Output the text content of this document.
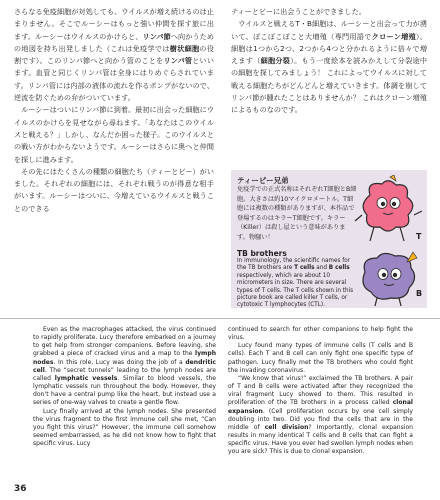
さらなる免疫細胞が対処しても、ウイルスが増え続けるのは止まりません。そこでルーシーはもっと強い仲間を探す旅に出ます。ルーシーはウイルスのかけらと、リンパ節へ向かうための地図を持ち出発しました（これは免疫学では樹状細胞の役割です）。このリンパ節へと向かう管のことをリンパ管といいます。血管と同じくリンパ管は全身にはりめぐらされています。リンパ管には内部の液体の流れを作るポンプがないので、逆流を防ぐための弁がついています。
　ルーシーはついにリンパ節に到着。最初に出会った細胞にウイルスのかけらを見せながら尋ねます。「あなたはこのウイルスと戦える？」しかし、なんだか困った様子。このウイルスとの戦い方がわからないようです。ルーシーはさらに奥へと仲間を探しに進みます。
　その先にはたくさんの種類の細胞たち（ティーとビー）がいました。それぞれの細胞には、それぞれ戦うのが得意な相手がいます。ルーシーはついに、今増えているウイルスと戦うことのできる
ティーとビーに出会うことができました。
　ウイルスと戦えるT・B細胞は、ルーシーと出会って力が湧いて、ぽこぽこぽこと大増殖（専門用語でクローン増殖）。細胞は1つから2つ、2つから4つと分かれるように倍々で増えます（細胞分裂）。もう一度絵本を読みかえして分裂途中の細胞を探してみましょう！ これによってウイルスに対して戦える細胞たちがどんどんと増えていきます。体調を崩してリンパ節が腫れたことはありませんか？ これはクローン増殖によるものなのです。
ティービー兄弟
免疫学での正式名称はそれぞれT細胞とB細胞。大きさは約10マイクロメートル。T細胞には複数の種類がありますが、本作品で登場するのはキラーT細胞です。キラー（Killer）は殺し屋という意味があります。物騒い！
TB brothers
In immunology, the scientific names for the TB brothers are T cells and B cells respectively, which are about 10 micrometers in size. There are several types of T cells. The T cells shown in this picture book are called killer T cells, or cytotoxic T lymphocytes (CTL).
T
B

Even as the macrophages attacked, the virus continued to rapidly proliferate. Lucy therefore embarked on a journey to get help from stronger companions. Before leaving, she grabbed a piece of cracked virus and a map to the lymph nodes. In this role, Lucy was doing the job of a dendritic cell. The “secret tunnels” leading to the lymph nodes are called lymphatic vessels. Similar to blood vessels, the lymphatic vessels run throughout the body. However, they don’t have a central pump like the heart, but instead use a series of one-way valves to create a gentle flow.

Lucy finally arrived at the lymph nodes. She presented the virus fragment to the first immune cell she met, “Can you fight this virus?” However, the immune cell somehow seemed embarrassed, as he did not know how to fight that specific virus. Lucy

continued to search for other companions to help fight the virus.

Lucy found many types of immune cells (T cells and B cells). Each T and B cell can only fight one specific type of pathogen. Lucy finally met the TB brothers who could fight the invading coronavirus.

“We know that virus!” exclaimed the TB brothers. A pair of T and B cells were activated after they recognized the viral fragment Lucy showed to them. This resulted in proliferation of the TB brothers in a process called clonal expansion. (Cell proliferation occurs by one cell simply doubling into two. Did you find the cells that are in the middle of cell division? Importantly, clonal expansion results in many identical T cells and B cells that can fight a specific virus. Have you ever had swollen lymph nodes when you are sick? This is due to clonal expansion.

36
